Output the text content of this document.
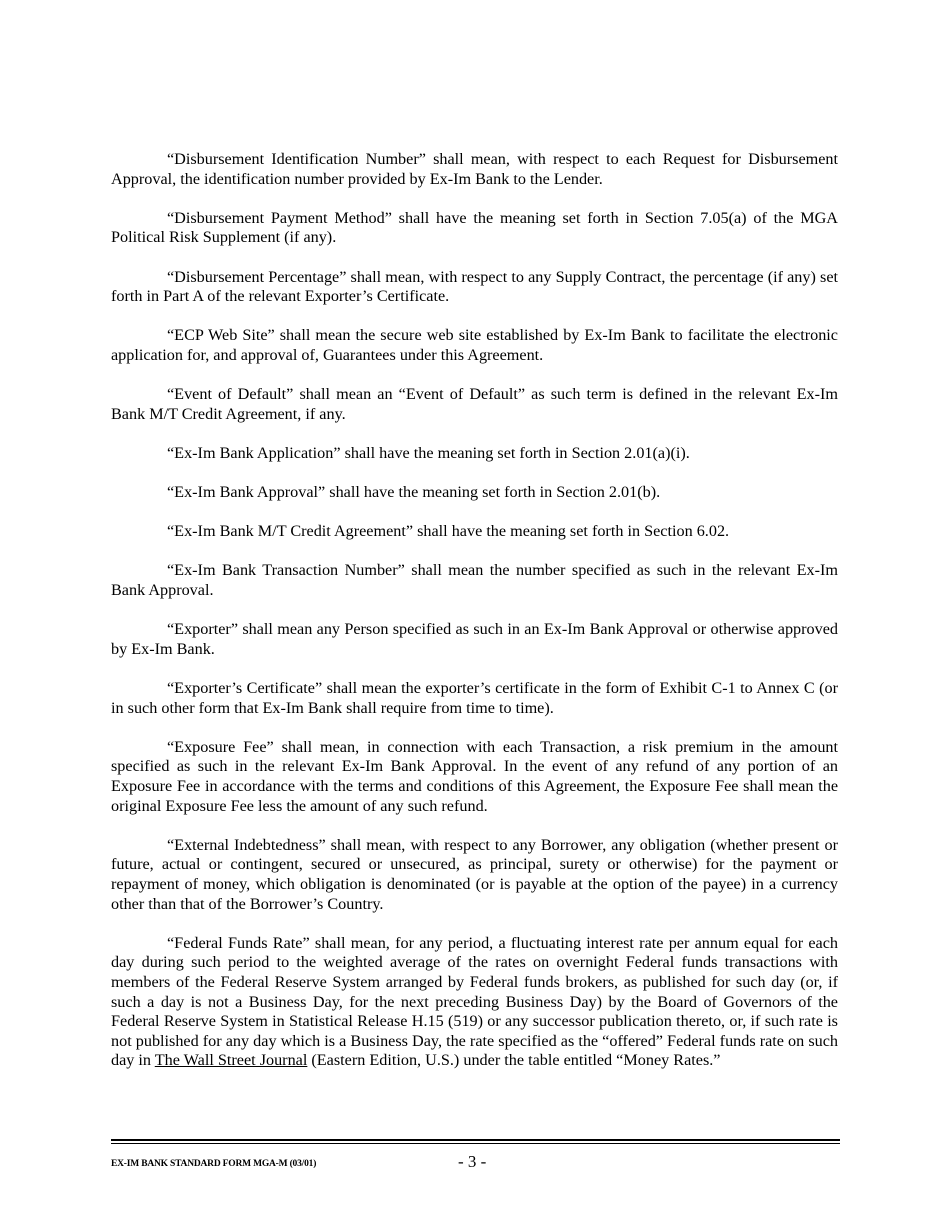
“Disbursement Identification Number” shall mean, with respect to each Request for Disbursement Approval, the identification number provided by Ex-Im Bank to the Lender.

“Disbursement Payment Method” shall have the meaning set forth in Section 7.05(a) of the MGA Political Risk Supplement (if any).

“Disbursement Percentage” shall mean, with respect to any Supply Contract, the percentage (if any) set forth in Part A of the relevant Exporter’s Certificate.

“ECP Web Site” shall mean the secure web site established by Ex-Im Bank to facilitate the electronic application for, and approval of, Guarantees under this Agreement.

“Event of Default” shall mean an “Event of Default” as such term is defined in the relevant Ex-Im Bank M/T Credit Agreement, if any.

“Ex-Im Bank Application” shall have the meaning set forth in Section 2.01(a)(i).

“Ex-Im Bank Approval” shall have the meaning set forth in Section 2.01(b).

“Ex-Im Bank M/T Credit Agreement” shall have the meaning set forth in Section 6.02.

“Ex-Im Bank Transaction Number” shall mean the number specified as such in the relevant Ex-Im Bank Approval.

“Exporter” shall mean any Person specified as such in an Ex-Im Bank Approval or otherwise approved by Ex-Im Bank.

“Exporter’s Certificate” shall mean the exporter’s certificate in the form of Exhibit C-1 to Annex C (or in such other form that Ex-Im Bank shall require from time to time).

“Exposure Fee” shall mean, in connection with each Transaction, a risk premium in the amount specified as such in the relevant Ex-Im Bank Approval. In the event of any refund of any portion of an Exposure Fee in accordance with the terms and conditions of this Agreement, the Exposure Fee shall mean the original Exposure Fee less the amount of any such refund.

“External Indebtedness” shall mean, with respect to any Borrower, any obligation (whether present or future, actual or contingent, secured or unsecured, as principal, surety or otherwise) for the payment or repayment of money, which obligation is denominated (or is payable at the option of the payee) in a currency other than that of the Borrower’s Country.

“Federal Funds Rate” shall mean, for any period, a fluctuating interest rate per annum equal for each day during such period to the weighted average of the rates on overnight Federal funds transactions with members of the Federal Reserve System arranged by Federal funds brokers, as published for such day (or, if such a day is not a Business Day, for the next preceding Business Day) by the Board of Governors of the Federal Reserve System in Statistical Release H.15 (519) or any successor publication thereto, or, if such rate is not published for any day which is a Business Day, the rate specified as the “offered” Federal funds rate on such day in The Wall Street Journal (Eastern Edition, U.S.) under the table entitled “Money Rates.”

EX-IM BANK STANDARD FORM MGA-M (03/01)	- 3 -
